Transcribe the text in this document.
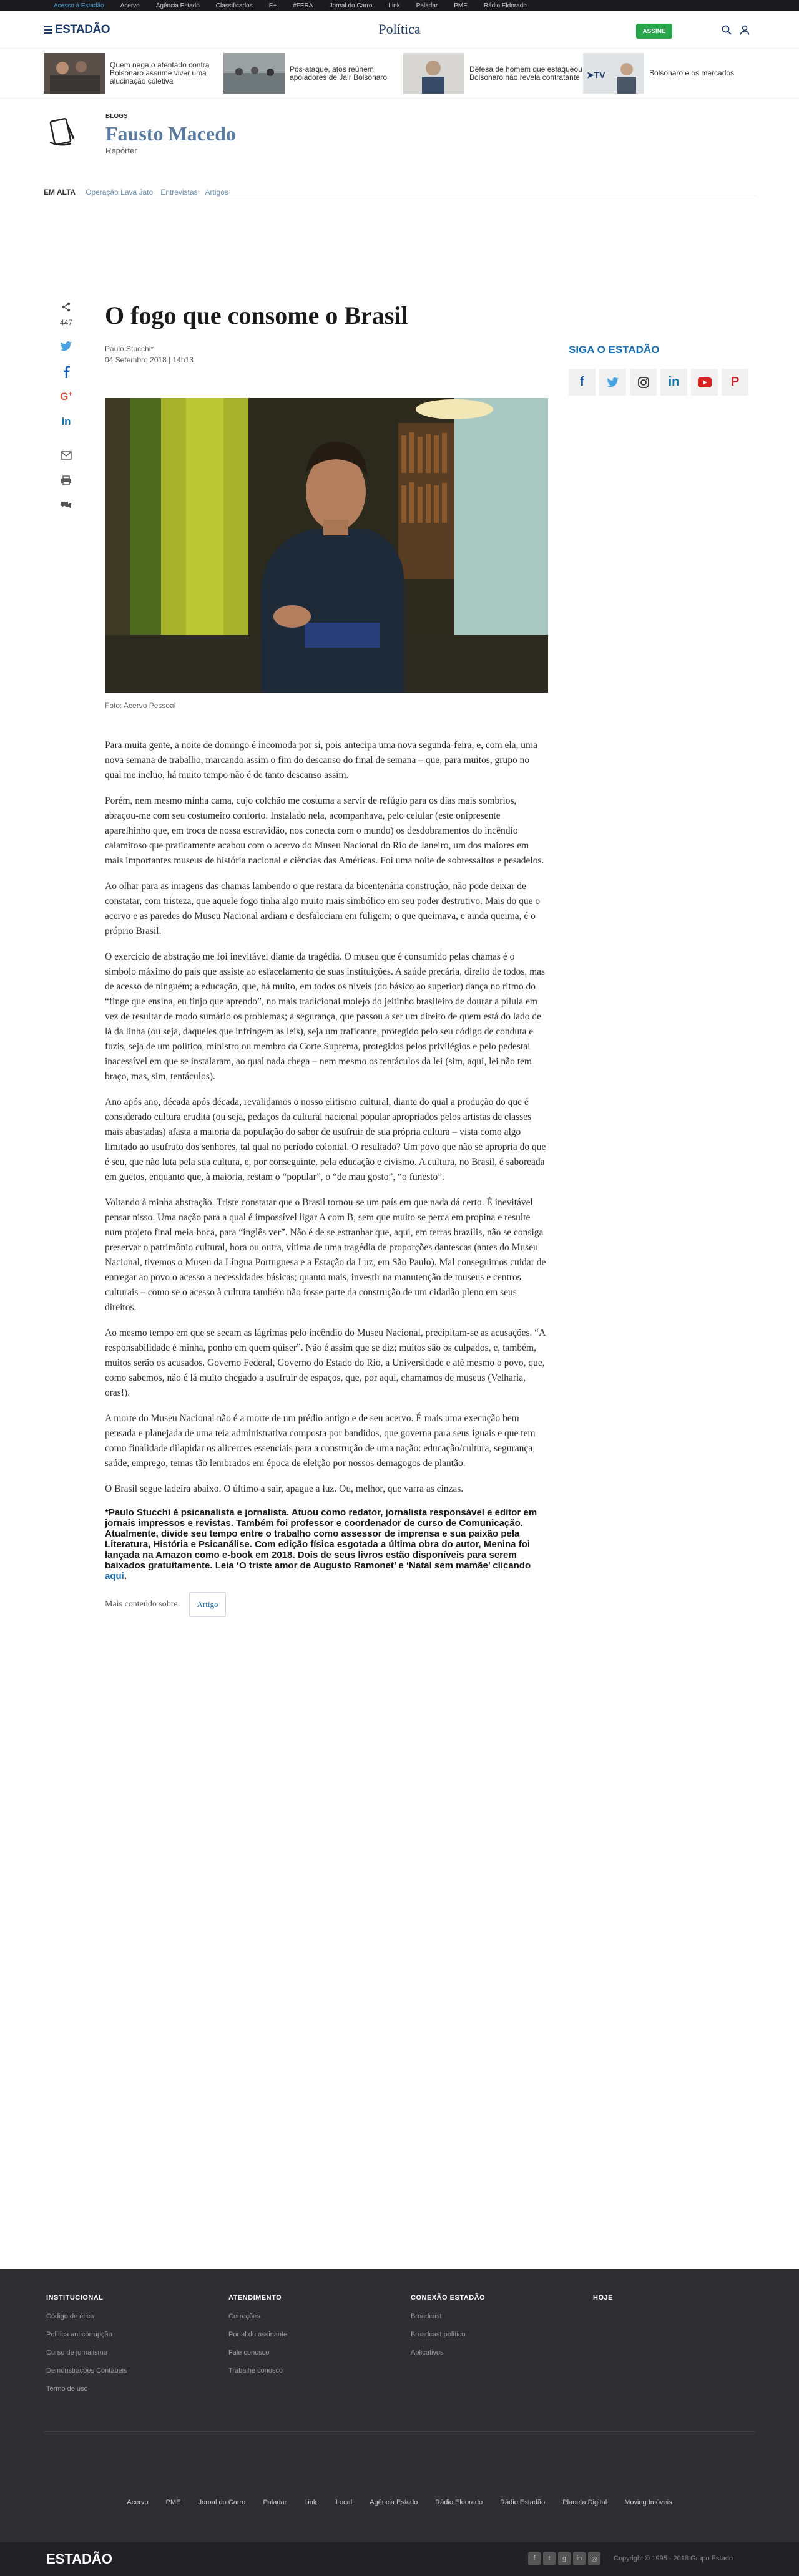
Acesso à Estadão	Acervo	Agência Estado	Classificados	E+	#FERA	Jornal do Carro	Link	Paladar	PME	Rádio Eldorado
ESTADÃO	Política	ASSINE
Quem nega o atentado contra Bolsonaro assume viver uma alucinação coletiva
Pós-ataque, atos reúnem apoiadores de Jair Bolsonaro
Defesa de homem que esfaqueou Bolsonaro não revela contratante ➤TV	Bolsonaro e os mercados
BLOGS
Fausto Macedo
Repórter
EM ALTA Operação Lava Jato Entrevistas Artigos
447
G+
in
O fogo que consome o Brasil
Paulo Stucchi*
04 Setembro 2018 | 14h13
Foto: Acervo Pessoal

Para muita gente, a noite de domingo é incomoda por si, pois antecipa uma nova segunda-feira, e, com ela, uma nova semana de trabalho, marcando assim o fim do descanso do final de semana – que, para muitos, grupo no qual me incluo, há muito tempo não é de tanto descanso assim.

Porém, nem mesmo minha cama, cujo colchão me costuma a servir de refúgio para os dias mais sombrios, abraçou-me com seu costumeiro conforto. Instalado nela, acompanhava, pelo celular (este onipresente aparelhinho que, em troca de nossa escravidão, nos conecta com o mundo) os desdobramentos do incêndio calamitoso que praticamente acabou com o acervo do Museu Nacional do Rio de Janeiro, um dos maiores em mais importantes museus de história nacional e ciências das Américas. Foi uma noite de sobressaltos e pesadelos.

Ao olhar para as imagens das chamas lambendo o que restara da bicentenária construção, não pode deixar de constatar, com tristeza, que aquele fogo tinha algo muito mais simbólico em seu poder destrutivo. Mais do que o acervo e as paredes do Museu Nacional ardiam e desfaleciam em fuligem; o que queimava, e ainda queima, é o próprio Brasil.

O exercício de abstração me foi inevitável diante da tragédia. O museu que é consumido pelas chamas é o símbolo máximo do país que assiste ao esfacelamento de suas instituições. A saúde precária, direito de todos, mas de acesso de ninguém; a educação, que, há muito, em todos os níveis (do básico ao superior) dança no ritmo do “finge que ensina, eu finjo que aprendo”, no mais tradicional molejo do jeitinho brasileiro de dourar a pílula em vez de resultar de modo sumário os problemas; a segurança, que passou a ser um direito de quem está do lado de lá da linha (ou seja, daqueles que infringem as leis), seja um traficante, protegido pelo seu código de conduta e fuzis, seja de um político, ministro ou membro da Corte Suprema, protegidos pelos privilégios e pelo pedestal inacessível em que se instalaram, ao qual nada chega – nem mesmo os tentáculos da lei (sim, aqui, lei não tem braço, mas, sim, tentáculos).

Ano após ano, década após década, revalidamos o nosso elitismo cultural, diante do qual a produção do que é considerado cultura erudita (ou seja, pedaços da cultural nacional popular apropriados pelos artistas de classes mais abastadas) afasta a maioria da população do sabor de usufruir de sua própria cultura – vista como algo limitado ao usufruto dos senhores, tal qual no período colonial. O resultado? Um povo que não se apropria do que é seu, que não luta pela sua cultura, e, por conseguinte, pela educação e civismo. A cultura, no Brasil, é saboreada em guetos, enquanto que, à maioria, restam o “popular”, o “de mau gosto”, “o funesto”.

Voltando à minha abstração. Triste constatar que o Brasil tornou-se um país em que nada dá certo. É inevitável pensar nisso. Uma nação para a qual é impossível ligar A com B, sem que muito se perca em propina e resulte num projeto final meia-boca, para “inglês ver”. Não é de se estranhar que, aqui, em terras brazilis, não se consiga preservar o patrimônio cultural, hora ou outra, vítima de uma tragédia de proporções dantescas (antes do Museu Nacional, tivemos o Museu da Língua Portuguesa e a Estação da Luz, em São Paulo). Mal conseguimos cuidar de entregar ao povo o acesso a necessidades básicas; quanto mais, investir na manutenção de museus e centros culturais – como se o acesso à cultura também não fosse parte da construção de um cidadão pleno em seus direitos.

Ao mesmo tempo em que se secam as lágrimas pelo incêndio do Museu Nacional, precipitam-se as acusações. “A responsabilidade é minha, ponho em quem quiser”. Não é assim que se diz; muitos são os culpados, e, também, muitos serão os acusados. Governo Federal, Governo do Estado do Rio, a Universidade e até mesmo o povo, que, como sabemos, não é lá muito chegado a usufruir de espaços, que, por aqui, chamamos de museus (Velharia, oras!).

A morte do Museu Nacional não é a morte de um prédio antigo e de seu acervo. É mais uma execução bem pensada e planejada de uma teia administrativa composta por bandidos, que governa para seus iguais e que tem como finalidade dilapidar os alicerces essenciais para a construção de uma nação: educação/cultura, segurança, saúde, emprego, temas tão lembrados em época de eleição por nossos demagogos de plantão.

O Brasil segue ladeira abaixo. O último a sair, apague a luz. Ou, melhor, que varra as cinzas.

*Paulo Stucchi é psicanalista e jornalista. Atuou como redator, jornalista responsável e editor em jornais impressos e revistas. Também foi professor e coordenador de curso de Comunicação. Atualmente, divide seu tempo entre o trabalho como assessor de imprensa e sua paixão pela Literatura, História e Psicanálise. Com edição física esgotada a última obra do autor, Menina foi lançada na Amazon como e-book em 2018. Dois de seus livros estão disponíveis para serem baixados gratuitamente. Leia ‘O triste amor de Augusto Ramonet’ e ‘Natal sem mamãe’ clicando aqui.

Mais conteúdo sobre:	Artigo
SIGA O ESTADÃO
f	in	P
INSTITUCIONAL
Código de ética
Política anticorrupção
Curso de jornalismo
Demonstrações Contábeis
Termo de uso
ATENDIMENTO
Correções
Portal do assinante
Fale conosco
Trabalhe conosco
CONEXÃO ESTADÃO
Broadcast
Broadcast político
Aplicativos
HOJE
Acervo	PME	Jornal do Carro	Paladar	Link	iLocal	Agência Estado	Rádio Eldorado	Rádio Estadão	Planeta Digital	Moving Imóveis
ESTADÃO	f	t	g	in	◎	Copyright © 1995 - 2018 Grupo Estado
